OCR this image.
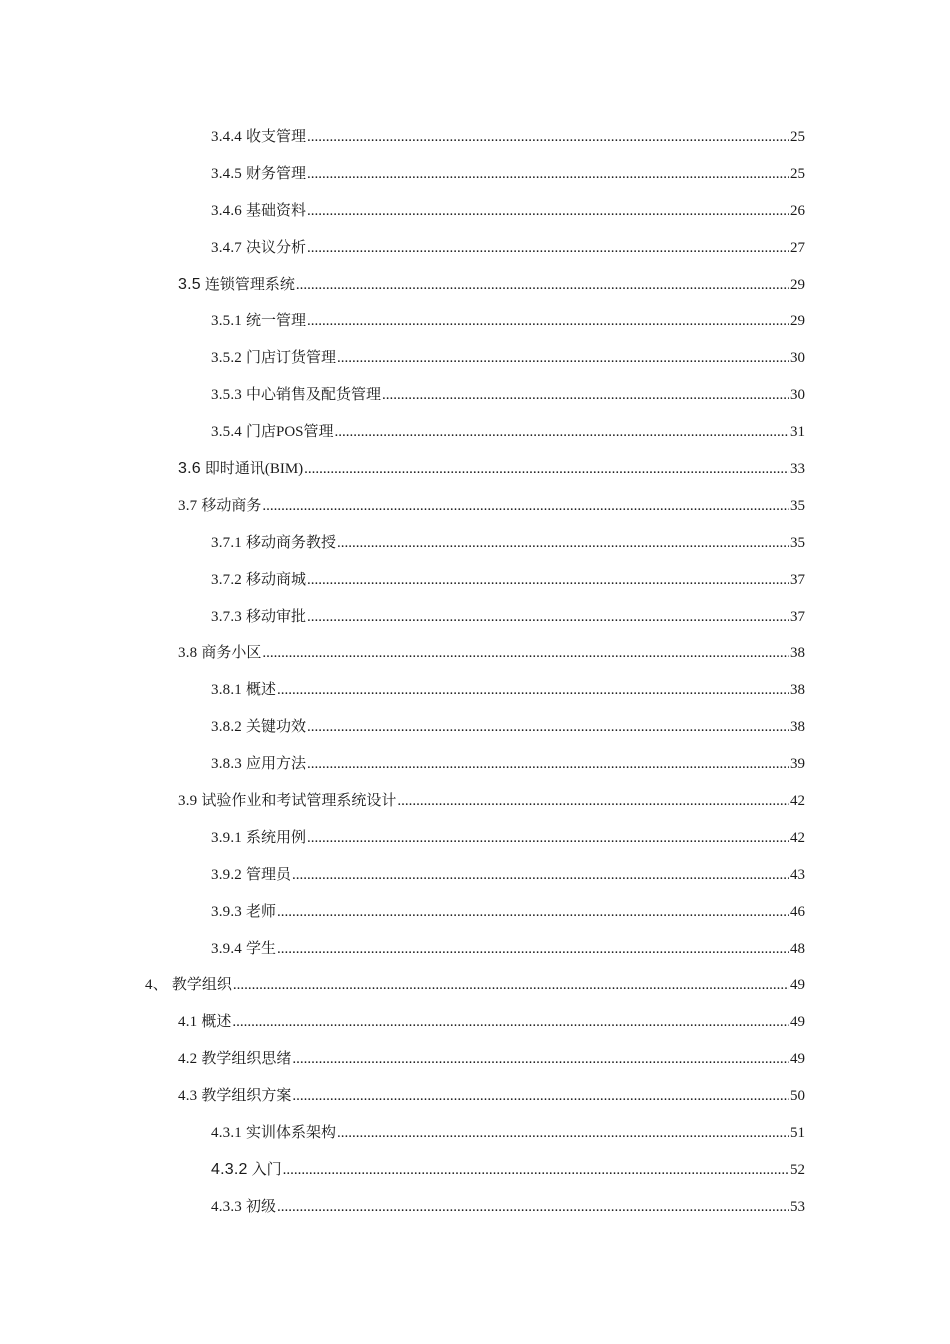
3.4.4 收支管理 .....	25
3.4.5 财务管理 .....	25
3.4.6 基础资料 .....	26
3.4.7 决议分析 .....	27
3.5 连锁管理系统 .....	29
3.5.1 统一管理 .....	29
3.5.2 门店订货管理 .....	30
3.5.3 中心销售及配货管理 .....	30
3.5.4 门店POS管理 .....	31
3.6 即时通讯(BIM) .....	33
3.7 移动商务 .....	35
3.7.1 移动商务教授 .....	35
3.7.2 移动商城 .....	37
3.7.3 移动审批 .....	37
3.8 商务小区 .....	38
3.8.1 概述 .....	38
3.8.2 关键功效 .....	38
3.8.3 应用方法 .....	39
3.9 试验作业和考试管理系统设计 .....	42
3.9.1 系统用例 .....	42
3.9.2 管理员 .....	43
3.9.3 老师 .....	46
3.9.4 学生 .....	48
4、 教学组织 .....	49
4.1 概述 .....	49
4.2 教学组织思绪 .....	49
4.3 教学组织方案 .....	50
4.3.1 实训体系架构 .....	51
4.3.2 入门 .....	52
4.3.3 初级 .....	53
